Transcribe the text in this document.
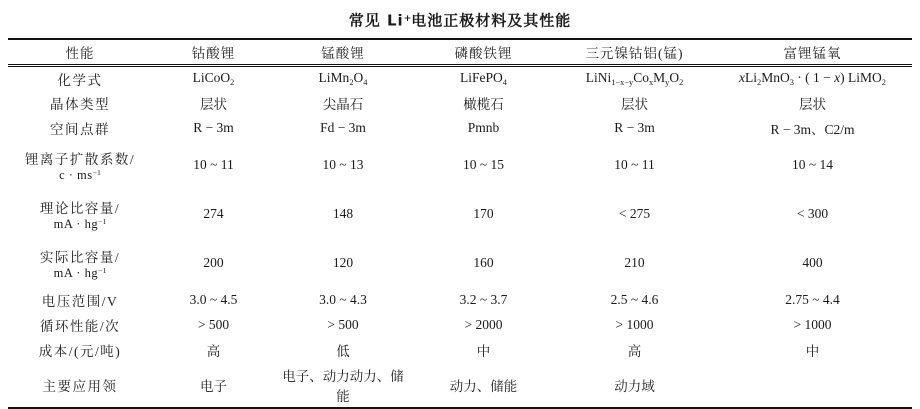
常见 Li+电池正极材料及其性能
性能	钴酸锂	锰酸锂	磷酸铁锂	三元镍钴铝(锰)	富锂锰氧
化学式	LiCoO$_2$	$LiMn_2O_4$	LiFePO$_4$	$LiNi_{1-x-y}Co_xM_yO_2$	xLi$_2$MnO$_3$ · ( 1 − x) LiMO$_2$
晶体类型	层状	尖晶石	橄榄石	层状	层状
空间点群	R − 3m	Fd − 3m	Pmnb	R − 3m	R − 3m、C2/m

锂离子扩散系数/
$c \cdot ms^{-1}$	10 ~ 11	10 ~ 13	10 ~ 15	10 ~ 11	10 ~ 14

理论比容量/
mA · $hg^{-1}$	274	148	170	< 275	< 300

实际比容量/
mA · $hg^{-1}$	200	120	160	210	400
电压范围/V	3.0 ~ 4.5	3.0 ~ 4.3	3.2 ~ 3.7	2.5 ~ 4.6	2.75 ~ 4.4
循环性能/次	> 500	> 500	> 2000	> 1000	> 1000
成本/(元/吨)	高	低	中	高	中
主要应用领	电子	电子、动力动力、储能	动力、储能	动力域	
